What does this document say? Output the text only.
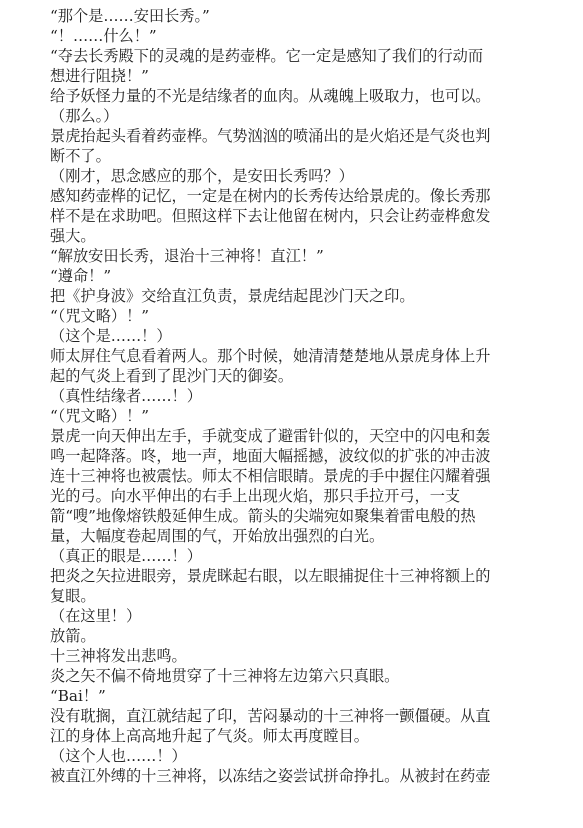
“那个是……安田长秀。”
“！……什么！”
“夺去长秀殿下的灵魂的是药壶桦。它一定是感知了我们的行动而
想进行阻挠！”
给予妖怪力量的不光是结缘者的血肉。从魂魄上吸取力，也可以。
（那么。）
景虎抬起头看着药壶桦。气势汹汹的喷涌出的是火焰还是气炎也判
断不了。
（刚才，思念感应的那个，是安田长秀吗？）
感知药壶桦的记忆，一定是在树内的长秀传达给景虎的。像长秀那
样不是在求助吧。但照这样下去让他留在树内，只会让药壶桦愈发
强大。
“解放安田长秀，退治十三神将！直江！”
“遵命！”
把《护身波》交给直江负责，景虎结起毘沙门天之印。
“（咒文略）！”
（这个是……！）
师太屏住气息看着两人。那个时候，她清清楚楚地从景虎身体上升
起的气炎上看到了毘沙门天的御姿。
（真性结缘者……！）
“（咒文略）！”
景虎一向天伸出左手，手就变成了避雷针似的，天空中的闪电和轰
鸣一起降落。咚，地一声，地面大幅摇撼，波纹似的扩张的冲击波
连十三神将也被震怯。师太不相信眼睛。景虎的手中握住闪耀着强
光的弓。向水平伸出的右手上出现火焰，那只手拉开弓，一支
箭“嗖”地像熔铁般延伸生成。箭头的尖端宛如聚集着雷电般的热
量，大幅度卷起周围的气，开始放出强烈的白光。
（真正的眼是……！）
把炎之矢拉进眼旁，景虎眯起右眼，以左眼捕捉住十三神将额上的
复眼。
（在这里！）
放箭。
十三神将发出悲鸣。
炎之矢不偏不倚地贯穿了十三神将左边第六只真眼。
“Bai！”
没有耽搁，直江就结起了印，苦闷暴动的十三神将一颤僵硬。从直
江的身体上高高地升起了气炎。师太再度瞠目。
（这个人也……！）
被直江外缚的十三神将，以冻结之姿尝试拼命挣扎。从被封在药壶
